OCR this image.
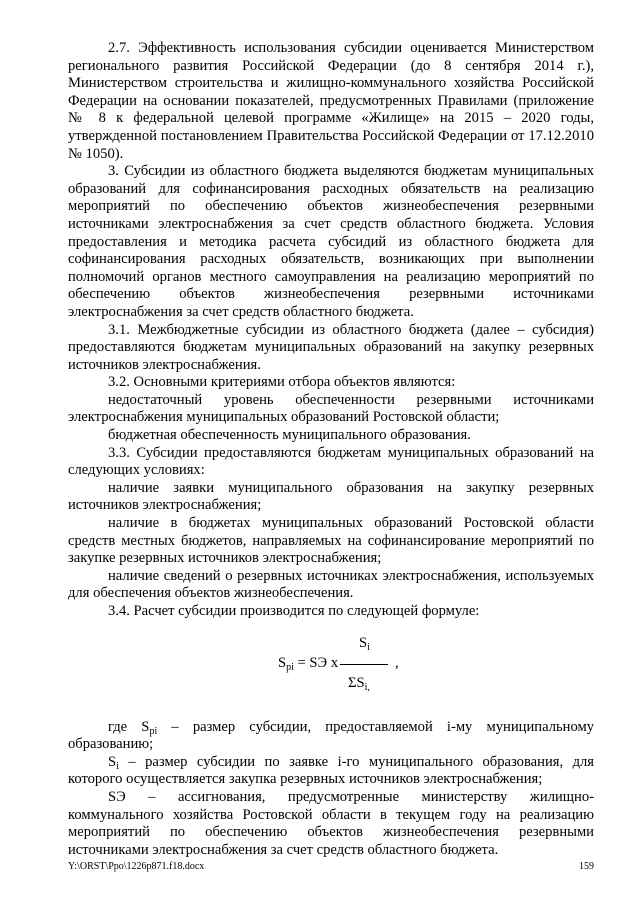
2.7. Эффективность использования субсидии оценивается Министерством регионального развития Российской Федерации (до 8 сентября 2014 г.), Министерством строительства и жилищно-коммунального хозяйства Российской Федерации на основании показателей, предусмотренных Правилами (приложение № 8 к федеральной целевой программе «Жилище» на 2015 – 2020 годы, утвержденной постановлением Правительства Российской Федерации от 17.12.2010 № 1050).

3. Субсидии из областного бюджета выделяются бюджетам муниципальных образований для софинансирования расходных обязательств на реализацию мероприятий по обеспечению объектов жизнеобеспечения резервными источниками электроснабжения за счет средств областного бюджета. Условия предоставления и методика расчета субсидий из областного бюджета для софинансирования расходных обязательств, возникающих при выполнении полномочий органов местного самоуправления на реализацию мероприятий по обеспечению объектов жизнеобеспечения резервными источниками электроснабжения за счет средств областного бюджета.

3.1. Межбюджетные субсидии из областного бюджета (далее – субсидия) предоставляются бюджетам муниципальных образований на закупку резервных источников электроснабжения.

3.2. Основными критериями отбора объектов являются:

недостаточный уровень обеспеченности резервными источниками электроснабжения муниципальных образований Ростовской области;

бюджетная обеспеченность муниципального образования.

3.3. Субсидии предоставляются бюджетам муниципальных образований на следующих условиях:

наличие заявки муниципального образования на закупку резервных источников электроснабжения;

наличие в бюджетах муниципальных образований Ростовской области средств местных бюджетов, направляемых на софинансирование мероприятий по закупке резервных источников электроснабжения;

наличие сведений о резервных источниках электроснабжения, используемых для обеспечения объектов жизнеобеспечения.

3.4. Расчет субсидии производится по следующей формуле:

$S_i$
$S_{рi}$ = SЭ х	,
$\Sigma S_{i,}$

где $S_{рi}$ – размер субсидии, предоставляемой i-му муниципальному образованию;

$S_i$ – размер субсидии по заявке i-го муниципального образования, для которого осуществляется закупка резервных источников электроснабжения;

SЭ – ассигнования, предусмотренные министерству жилищно-коммунального хозяйства Ростовской области в текущем году на реализацию мероприятий по обеспечению объектов жизнеобеспечения резервными источниками электроснабжения за счет средств областного бюджета.

Y:\ORST\Ppo\1226p871.f18.docx	159
